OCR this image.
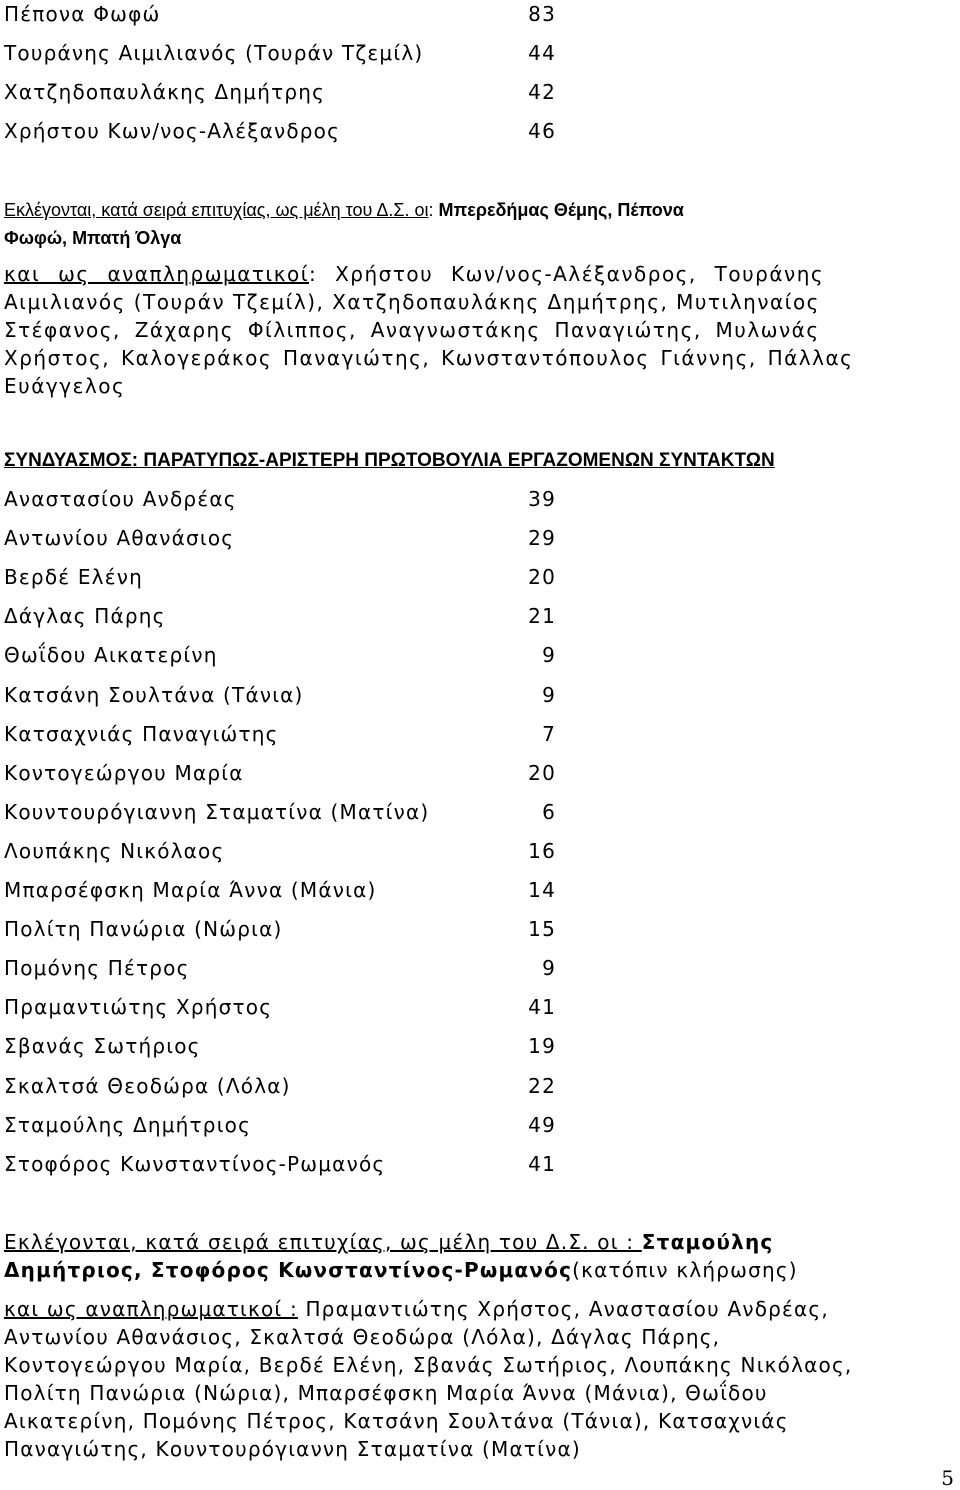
Πέπονα Φωφώ	83
Τουράνης Αιμιλιανός (Τουράν Τζεμίλ)	44
Χατζηδοπαυλάκης Δημήτρης	42
Χρήστου Κων/νος-Αλέξανδρος	46
Εκλέγονται, κατά σειρά επιτυχίας, ως μέλη του Δ.Σ. οι: Μπερεδήμας Θέμης, Πέπονα
Φωφώ, Μπατή Όλγα
και ως αναπληρωματικοί : Χρήστου Κων/νος-Αλέξανδρος, Τουράνης
Αιμιλιανός (Τουράν Τζεμίλ), Χατζηδοπαυλάκης Δημήτρης, Μυτιληναίος
Στέφανος, Ζάχαρης Φίλιππος, Αναγνωστάκης Παναγιώτης, Μυλωνάς
Χρήστος, Καλογεράκος Παναγιώτης, Κωνσταντόπουλος Γιάννης, Πάλλας
Ευάγγελος
ΣΥΝΔΥΑΣΜΟΣ: ΠΑΡΑΤΥΠΩΣ-ΑΡΙΣΤΕΡΗ ΠΡΩΤΟΒΟΥΛΙΑ ΕΡΓΑΖΟΜΕΝΩΝ ΣΥΝΤΑΚΤΩΝ
Αναστασίου Ανδρέας	39
Αντωνίου Αθανάσιος	29
Βερδέ Ελένη	20
Δάγλας Πάρης	21
Θωΐδου Αικατερίνη	9
Κατσάνη Σουλτάνα (Τάνια)	9
Κατσαχνιάς Παναγιώτης	7
Κοντογεώργου Μαρία	20
Κουντουρόγιαννη Σταματίνα (Ματίνα)	6
Λουπάκης Νικόλαος	16
Μπαρσέφσκη Μαρία Άννα (Μάνια)	14
Πολίτη Πανώρια (Νώρια)	15
Πομόνης Πέτρος	9
Πραμαντιώτης Χρήστος	41
Σβανάς Σωτήριος	19
Σκαλτσά Θεοδώρα (Λόλα)	22
Σταμούλης Δημήτριος	49
Στοφόρος Κωνσταντίνος-Ρωμανός	41
Εκλέγονται, κατά σειρά επιτυχίας, ως μέλη του Δ.Σ. οι : Σταμούλης
Δημήτριος, Στοφόρος Κωνσταντίνος-Ρωμανός(κατόπιν κλήρωσης)
και ως αναπληρωματικοί : Πραμαντιώτης Χρήστος, Αναστασίου Ανδρέας,
Αντωνίου Αθανάσιος, Σκαλτσά Θεοδώρα (Λόλα), Δάγλας Πάρης,
Κοντογεώργου Μαρία, Βερδέ Ελένη, Σβανάς Σωτήριος, Λουπάκης Νικόλαος,
Πολίτη Πανώρια (Νώρια), Μπαρσέφσκη Μαρία Άννα (Μάνια), Θωΐδου
Αικατερίνη, Πομόνης Πέτρος, Κατσάνη Σουλτάνα (Τάνια), Κατσαχνιάς
Παναγιώτης, Κουντουρόγιαννη Σταματίνα (Ματίνα)
5
